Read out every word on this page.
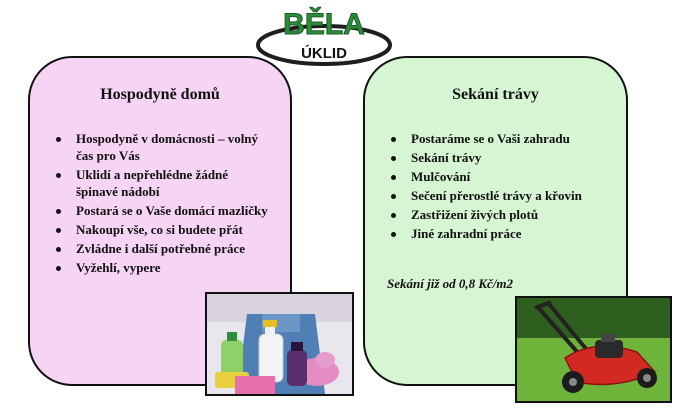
BĚLA
ÚKLID
Hospodyně domů
Hospodyně v domácnosti – volný čas pro Vás
Uklidí a nepřehlédne žádné špinavé nádobí
Postará se o Vaše domácí mazlíčky
Nakoupí vše, co si budete přát
Zvládne i další potřebné práce
Vyžehlí, vypere
Sekání trávy
Postaráme se o Vaši zahradu
Sekání trávy
Mulčování
Sečení přerostlé trávy a křovin
Zastřižení živých plotů
Jiné zahradní práce
Sekání již od 0,8 Kč/m2
